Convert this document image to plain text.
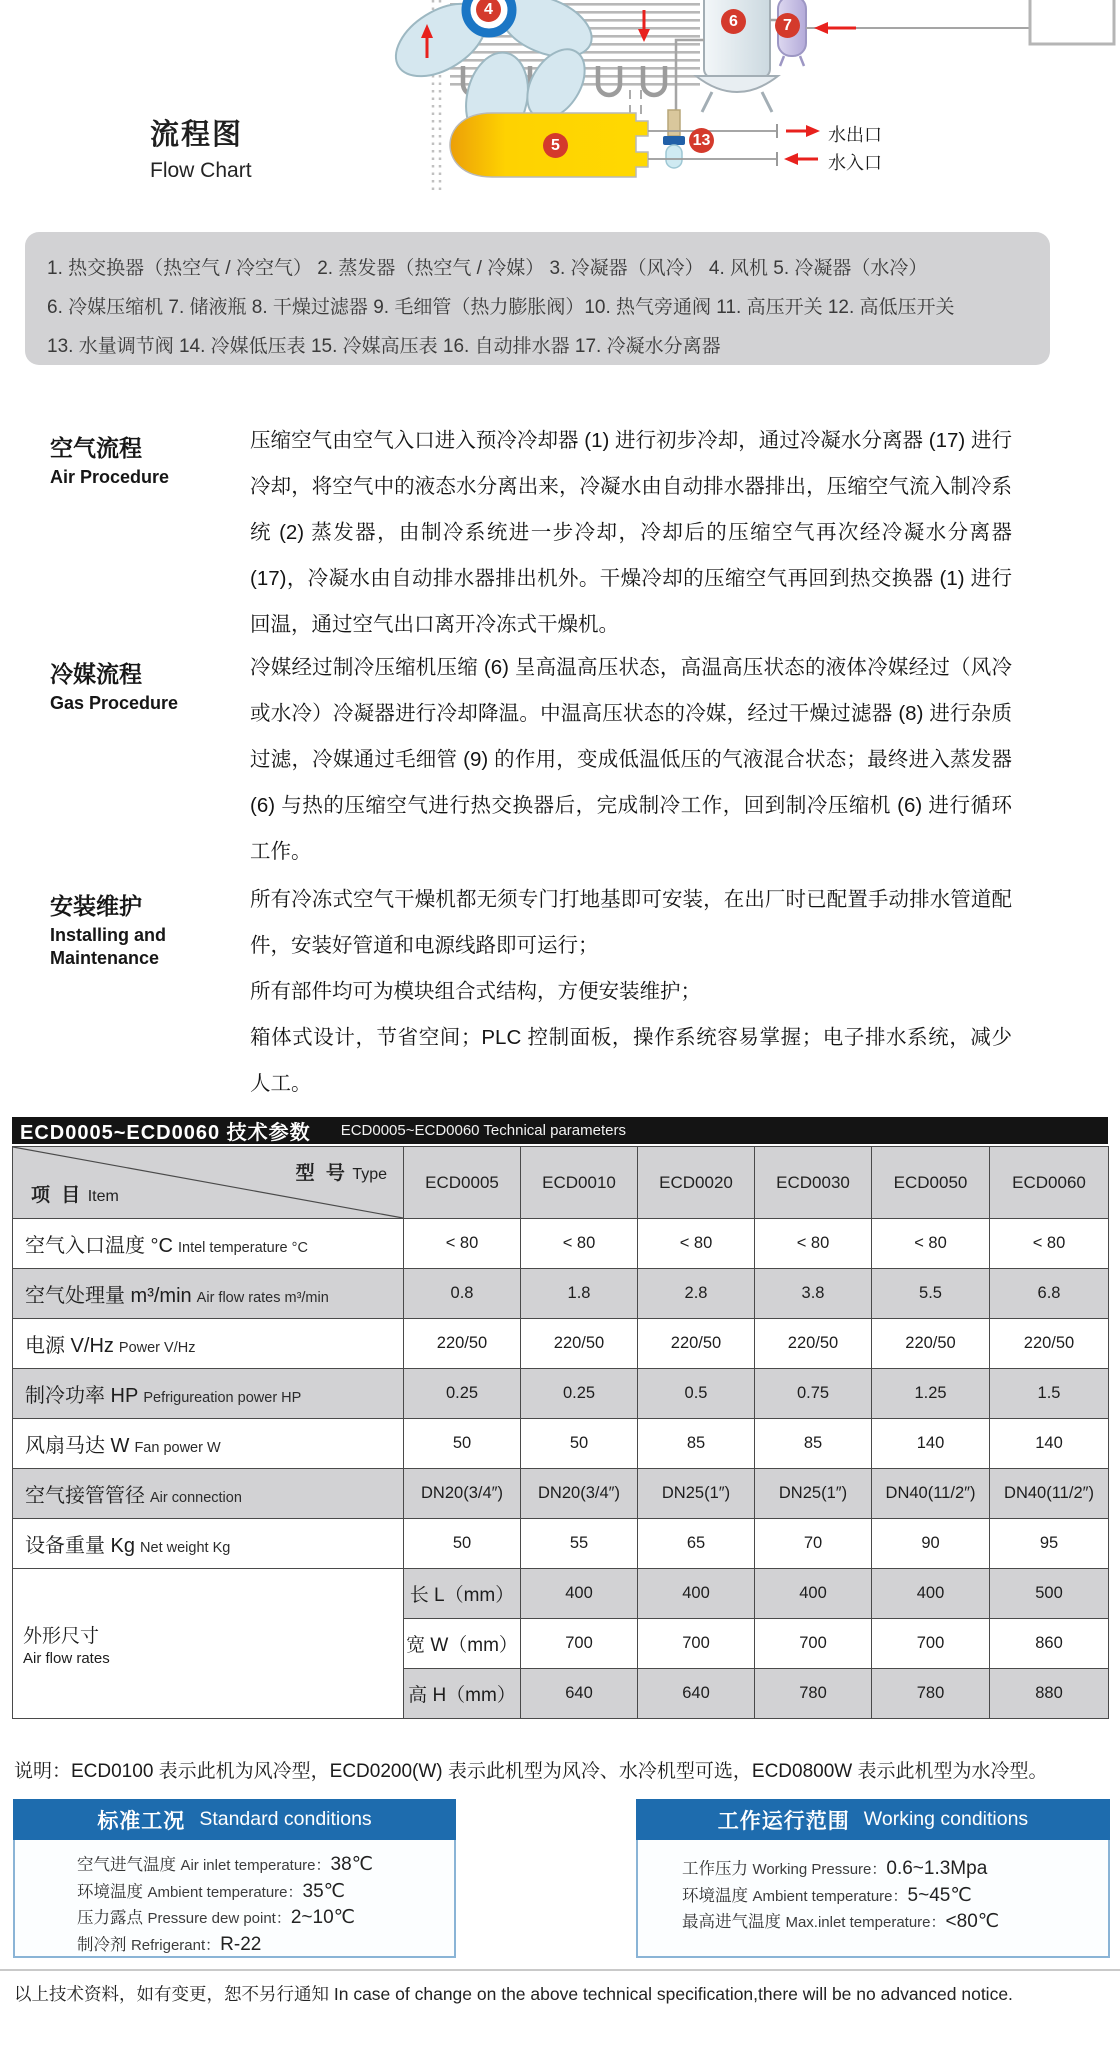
4
5
6	7
13	水出口
水入口
流程图
Flow Chart
1. 热交换器（热空气 / 冷空气） 2. 蒸发器（热空气 / 冷媒） 3. 冷凝器（风冷） 4. 风机 5. 冷凝器（水冷）
6. 冷媒压缩机 7. 储液瓶 8. 干燥过滤器 9. 毛细管（热力膨胀阀）10. 热气旁通阀 11. 高压开关 12. 高低压开关
13. 水量调节阀 14. 冷媒低压表 15. 冷媒高压表 16. 自动排水器 17. 冷凝水分离器
空气流程
Air Procedure
压缩空气由空气入口进入预冷冷却器 (1) 进行初步冷却，通过冷凝水分离器 (17) 进行冷却，将空气中的液态水分离出来，冷凝水由自动排水器排出，压缩空气流入制冷系统 (2) 蒸发器，由制冷系统进一步冷却，冷却后的压缩空气再次经冷凝水分离器 (17)，冷凝水由自动排水器排出机外。干燥冷却的压缩空气再回到热交换器 (1) 进行回温，通过空气出口离开冷冻式干燥机。
冷媒流程
Gas Procedure
冷媒经过制冷压缩机压缩 (6) 呈高温高压状态，高温高压状态的液体冷媒经过（风冷或水冷）冷凝器进行冷却降温。中温高压状态的冷媒，经过干燥过滤器 (8) 进行杂质过滤，冷媒通过毛细管 (9) 的作用，变成低温低压的气液混合状态；最终进入蒸发器 (6) 与热的压缩空气进行热交换器后，完成制冷工作，回到制冷压缩机 (6) 进行循环工作。
安装维护
Installing and Maintenance
所有冷冻式空气干燥机都无须专门打地基即可安装，在出厂时已配置手动排水管道配件，安装好管道和电源线路即可运行；
所有部件均可为模块组合式结构，方便安装维护；
箱体式设计，节省空间；PLC 控制面板，操作系统容易掌握；电子排水系统，减少人工。
ECD0005~ECD0060 技术参数 ECD0005~ECD0060 Technical parameters
型 号 Type
项 目 Item	ECD0005	ECD0010	ECD0020	ECD0030	ECD0050	ECD0060
空气入口温度 °C Intel temperature °C	< 80	< 80	< 80	< 80	< 80	< 80
空气处理量 m³/min Air flow rates m³/min	0.8	1.8	2.8	3.8	5.5	6.8
电源 V/Hz Power V/Hz	220/50	220/50	220/50	220/50	220/50	220/50
制冷功率 HP Pefrigureation power HP	0.25	0.25	0.5	0.75	1.25	1.5
风扇马达 W Fan power W	50	50	85	85	140	140
空气接管管径 Air connection	DN20(3/4″)	DN20(3/4″)	DN25(1″)	DN25(1″)	DN40(11/2″)	DN40(11/2″)
设备重量 Kg Net weight Kg	50	55	65	70	90	95

外形尺寸
Air flow rates	长 L（mm）	400	400	400	400	500
	宽 W（mm）	700	700	700	700	860
	高 H（mm）	640	640	780	780	880
说明：ECD0100 表示此机为风冷型，ECD0200(W) 表示此机型为风冷、水冷机型可选，ECD0800W 表示此机型为水冷型。
标准工况 Standard conditions
空气进气温度 Air inlet temperature：38℃
环境温度 Ambient temperature：35℃
压力露点 Pressure dew point：2~10℃
制冷剂 Refrigerant：R-22
工作运行范围 Working conditions
工作压力 Working Pressure：0.6~1.3Mpa
环境温度 Ambient temperature：5~45℃
最高进气温度 Max.inlet temperature：<80℃
以上技术资料，如有变更，恕不另行通知 In case of change on the above technical specification,there will be no advanced notice.
